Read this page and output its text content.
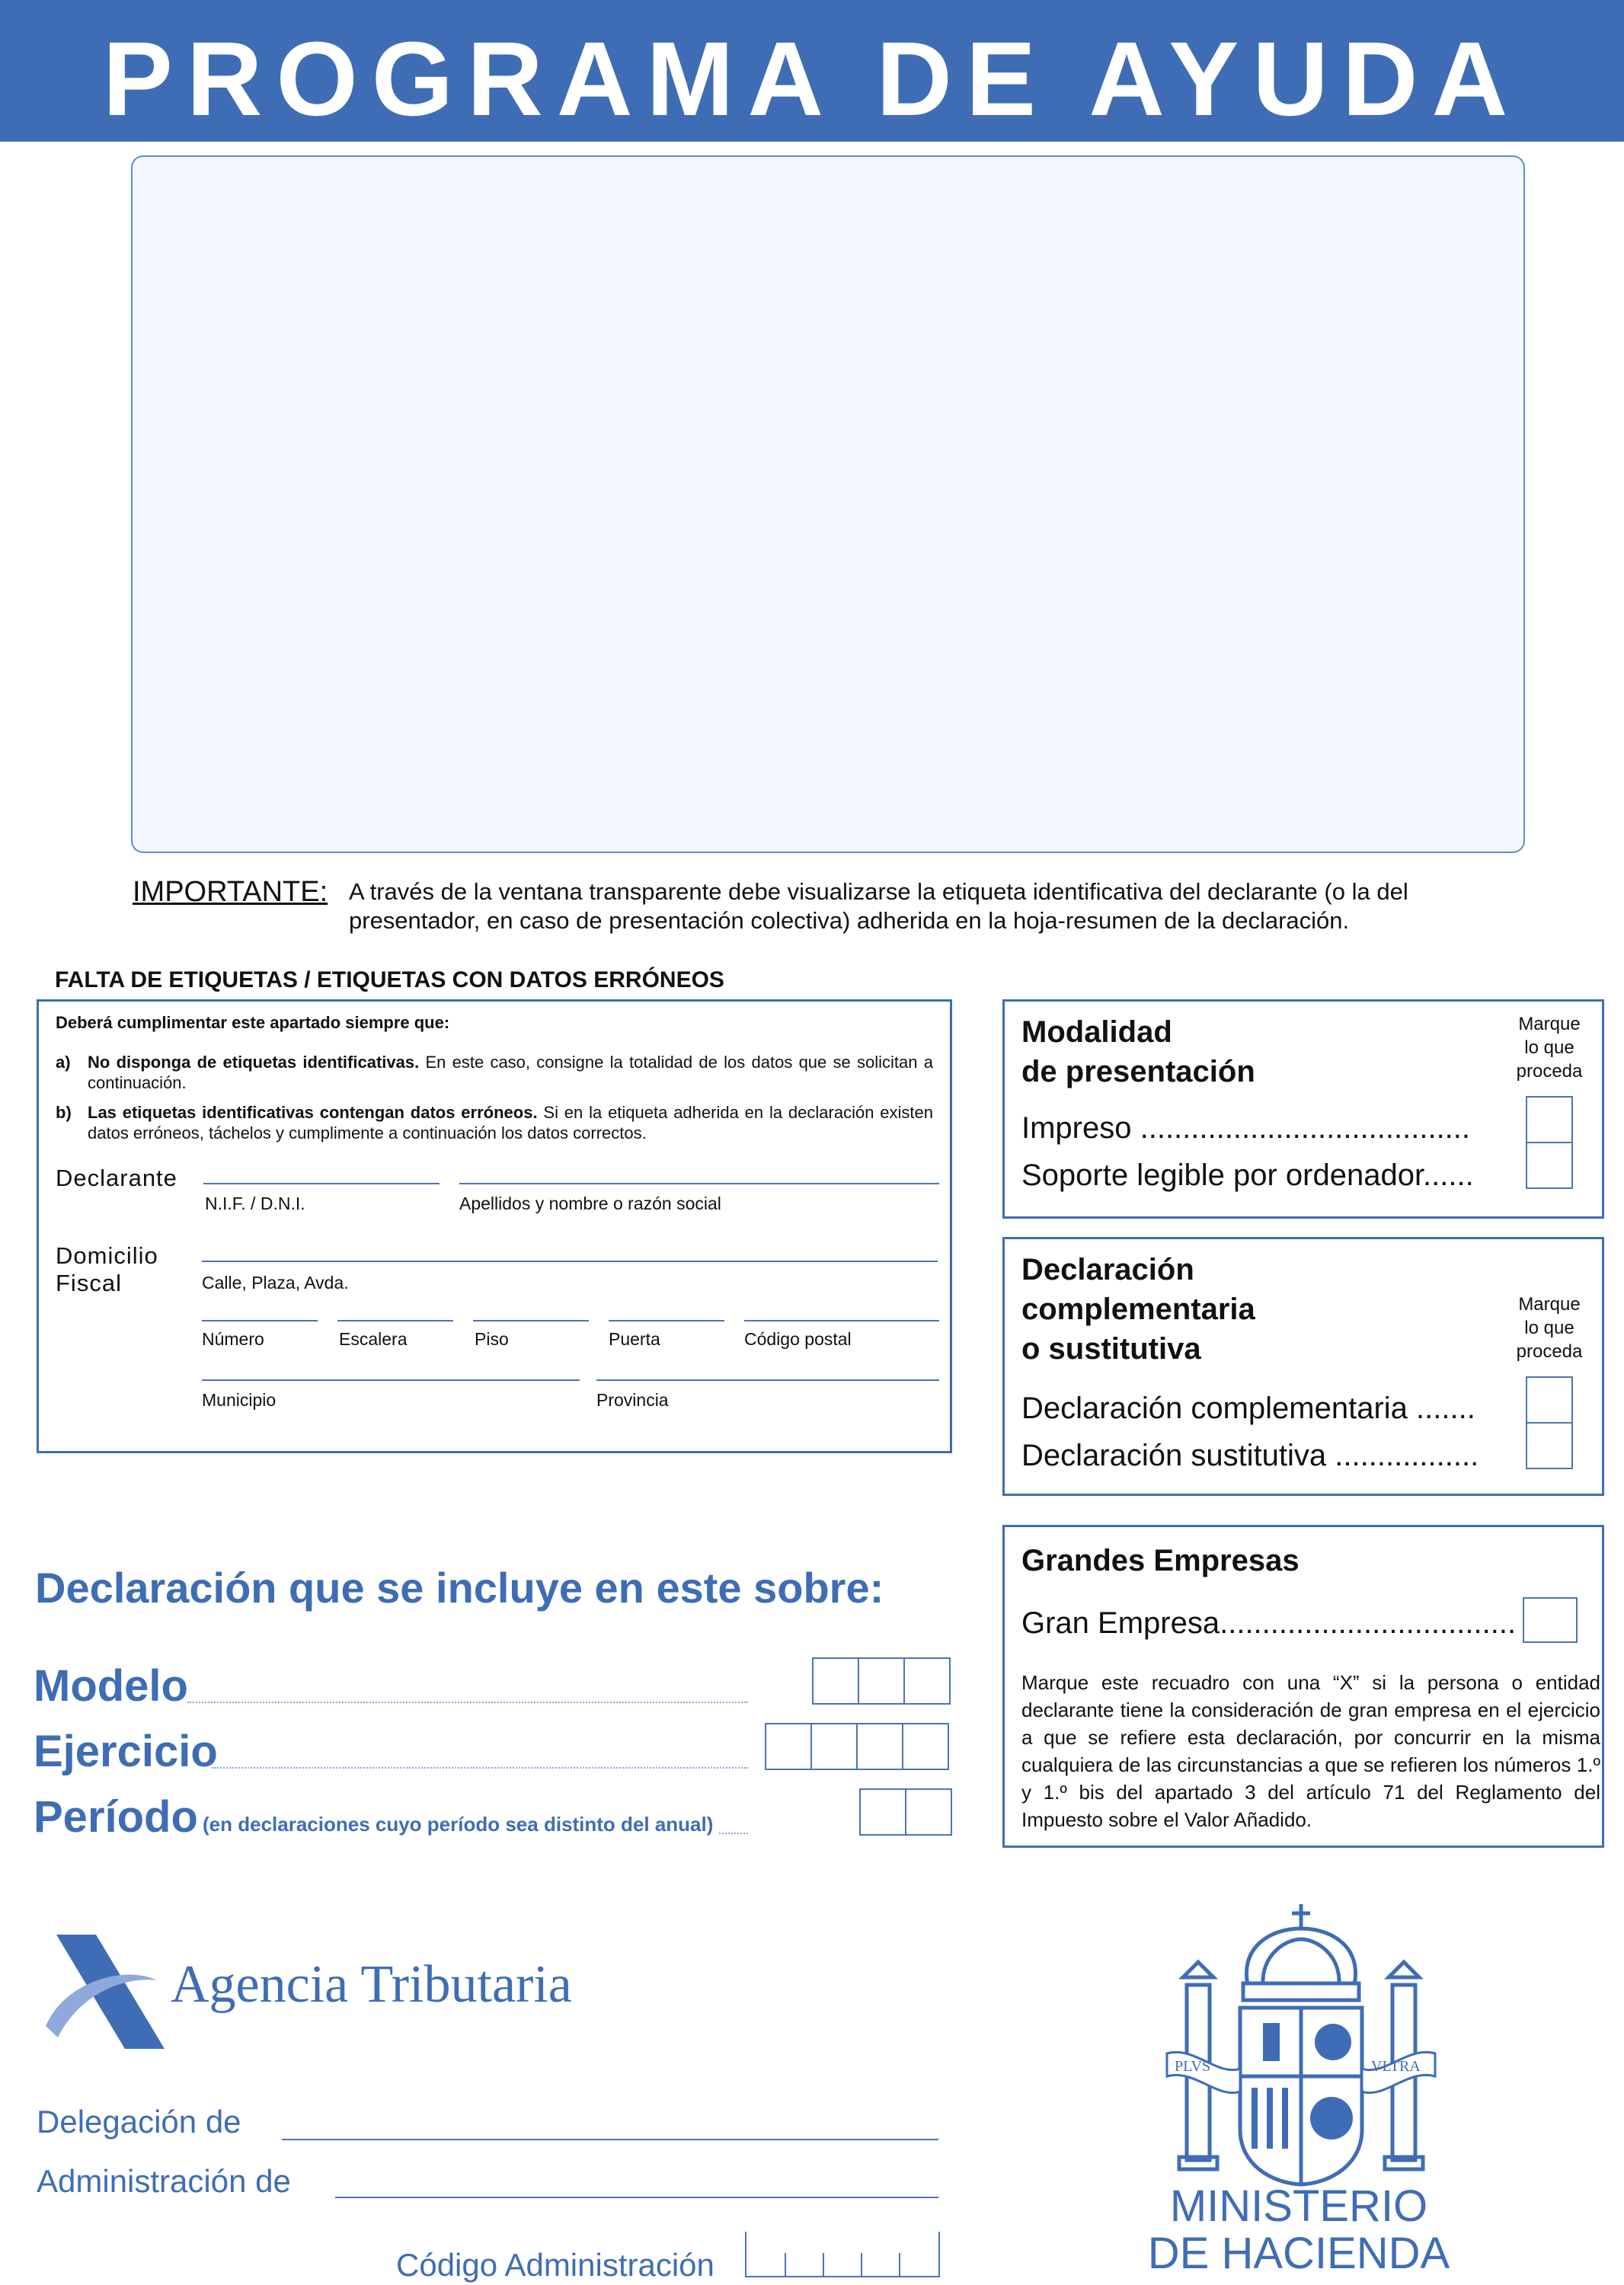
PROGRAMA DE AYUDA
IMPORTANTE: A través de la ventana transparente debe visualizarse la etiqueta identificativa del declarante (o la del
presentador, en caso de presentación colectiva) adherida en la hoja-resumen de la declaración.
FALTA DE ETIQUETAS / ETIQUETAS CON DATOS ERRÓNEOS
Deberá cumplimentar este apartado siempre que:
a) No disponga de etiquetas identificativas. En este caso, consigne la totalidad de los datos que se solicitan a continuación.
b) Las etiquetas identificativas contengan datos erróneos. Si en la etiqueta adherida en la declaración existen datos erróneos, táchelos y cumplimente a continuación los datos correctos.
Declarante
N.I.F. / D.N.I.	Apellidos y nombre o razón social
Domicilio
Fiscal	Calle, Plaza, Avda.
Número	Escalera	Piso	Puerta	Código postal
Municipio	Provincia
Modalidad
de presentación
Marque
lo que
proceda
Impreso .......................................
Soporte legible por ordenador......
Declaración
complementaria
o sustitutiva
Marque
lo que
proceda
Declaración complementaria .......
Declaración sustitutiva .................
Grandes Empresas
Gran Empresa...................................
Marque este recuadro con una “X” si la persona o entidad declarante tiene la consideración de gran empresa en el ejercicio a que se refiere esta declaración, por concurrir en la misma cualquiera de las circunstancias a que se refieren los números 1.º y 1.º bis del apartado 3 del artículo 71 del Reglamento del Impuesto sobre el Valor Añadido.
Declaración que se incluye en este sobre:
Modelo
Ejercicio
Período (en declaraciones cuyo período sea distinto del anual)
Agencia Tributaria
Delegación de
Administración de
Código Administración
PLVS	VLTRA
MINISTERIO
DE HACIENDA
